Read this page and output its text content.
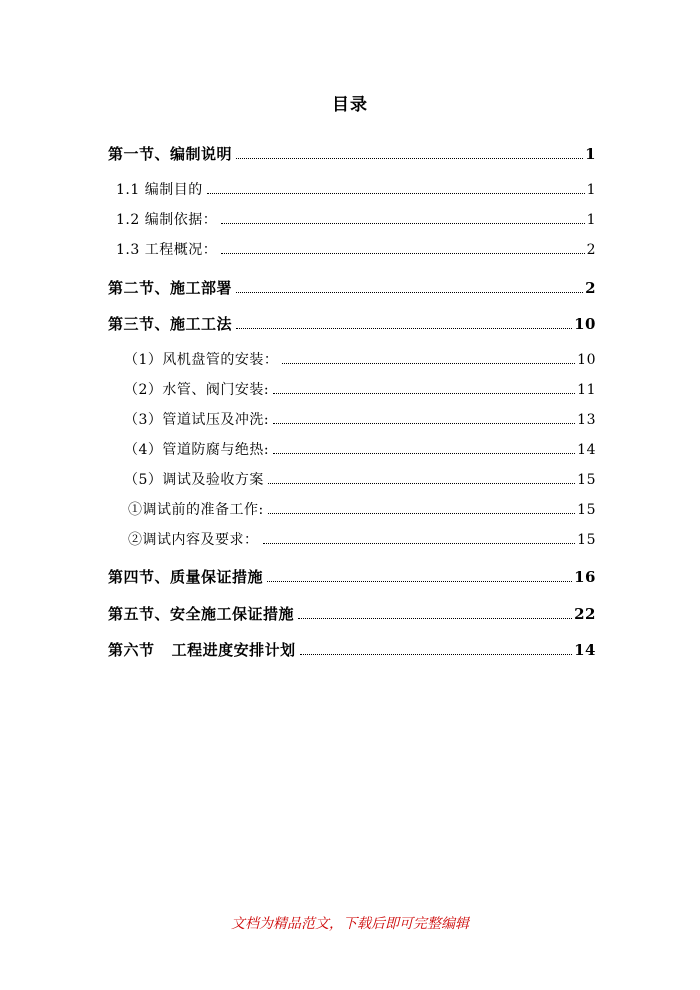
目录
第一节、编制说明	1
1.1 编制目的	1
1.2 编制依据：	1
1.3 工程概况：	2
第二节、施工部署	2
第三节、施工工法	10
（1）风机盘管的安装：	10
（2）水管、阀门安装:	11
（3）管道试压及冲洗:	13
（4）管道防腐与绝热:	14
（5）调试及验收方案	15
①调试前的准备工作:	15
②调试内容及要求：	15
第四节、质量保证措施	16
第五节、安全施工保证措施	22
第六节   工程进度安排计划	14
文档为精品范文，下载后即可完整编辑
